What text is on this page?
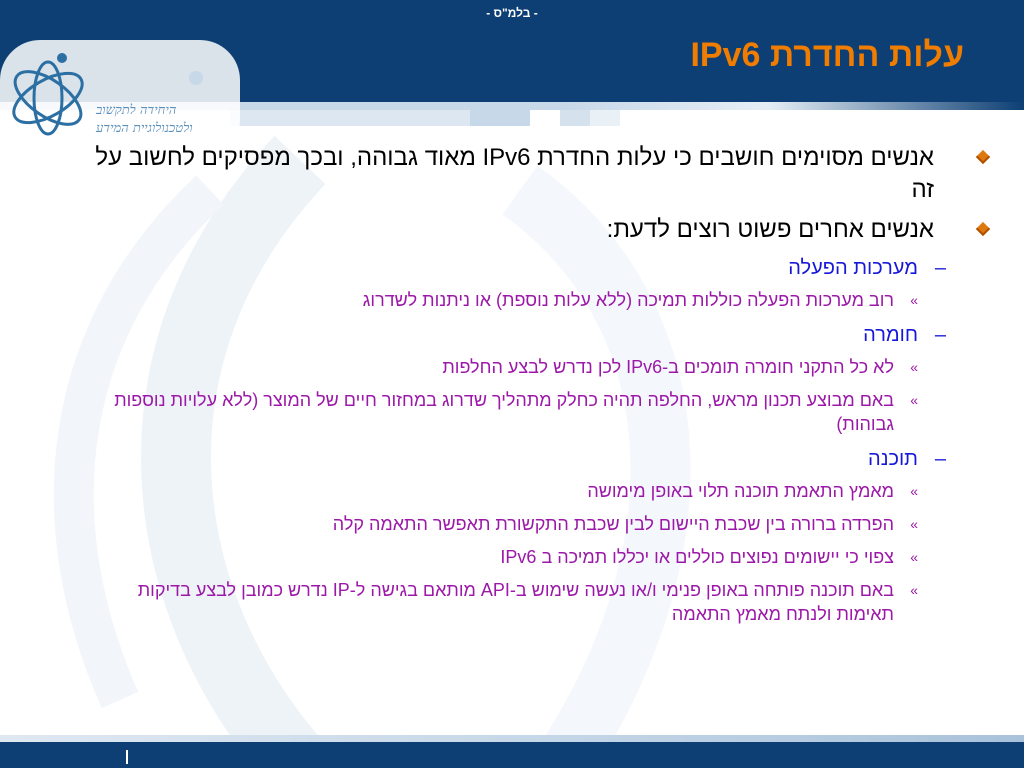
- בלמ"ס -
עלות החדרת IPv6
היחידה לתקשוב
ולטכנולוגיית המידע
אנשים מסוימים חושבים כי עלות החדרת IPv6 מאוד גבוהה, ובכך מפסיקים לחשוב על זה
אנשים אחרים פשוט רוצים לדעת:
–
מערכות הפעלה
»
רוב מערכות הפעלה כוללות תמיכה (ללא עלות נוספת) או ניתנות לשדרוג
–
חומרה
»
לא כל התקני חומרה תומכים ב-IPv6 לכן נדרש לבצע החלפות
»
באם מבוצע תכנון מראש, החלפה תהיה כחלק מתהליך שדרוג במחזור חיים של המוצר (ללא עלויות נוספות גבוהות)
–
תוכנה
»
מאמץ התאמת תוכנה תלוי באופן מימושה
»
הפרדה ברורה בין שכבת היישום לבין שכבת התקשורת תאפשר התאמה קלה
»
צפוי כי יישומים נפוצים כוללים או יכללו תמיכה ב IPv6
»
באם תוכנה פותחה באופן פנימי ו/או נעשה שימוש ב-API מותאם בגישה ל-IP נדרש כמובן לבצע בדיקות תאימות ולנתח מאמץ התאמה
